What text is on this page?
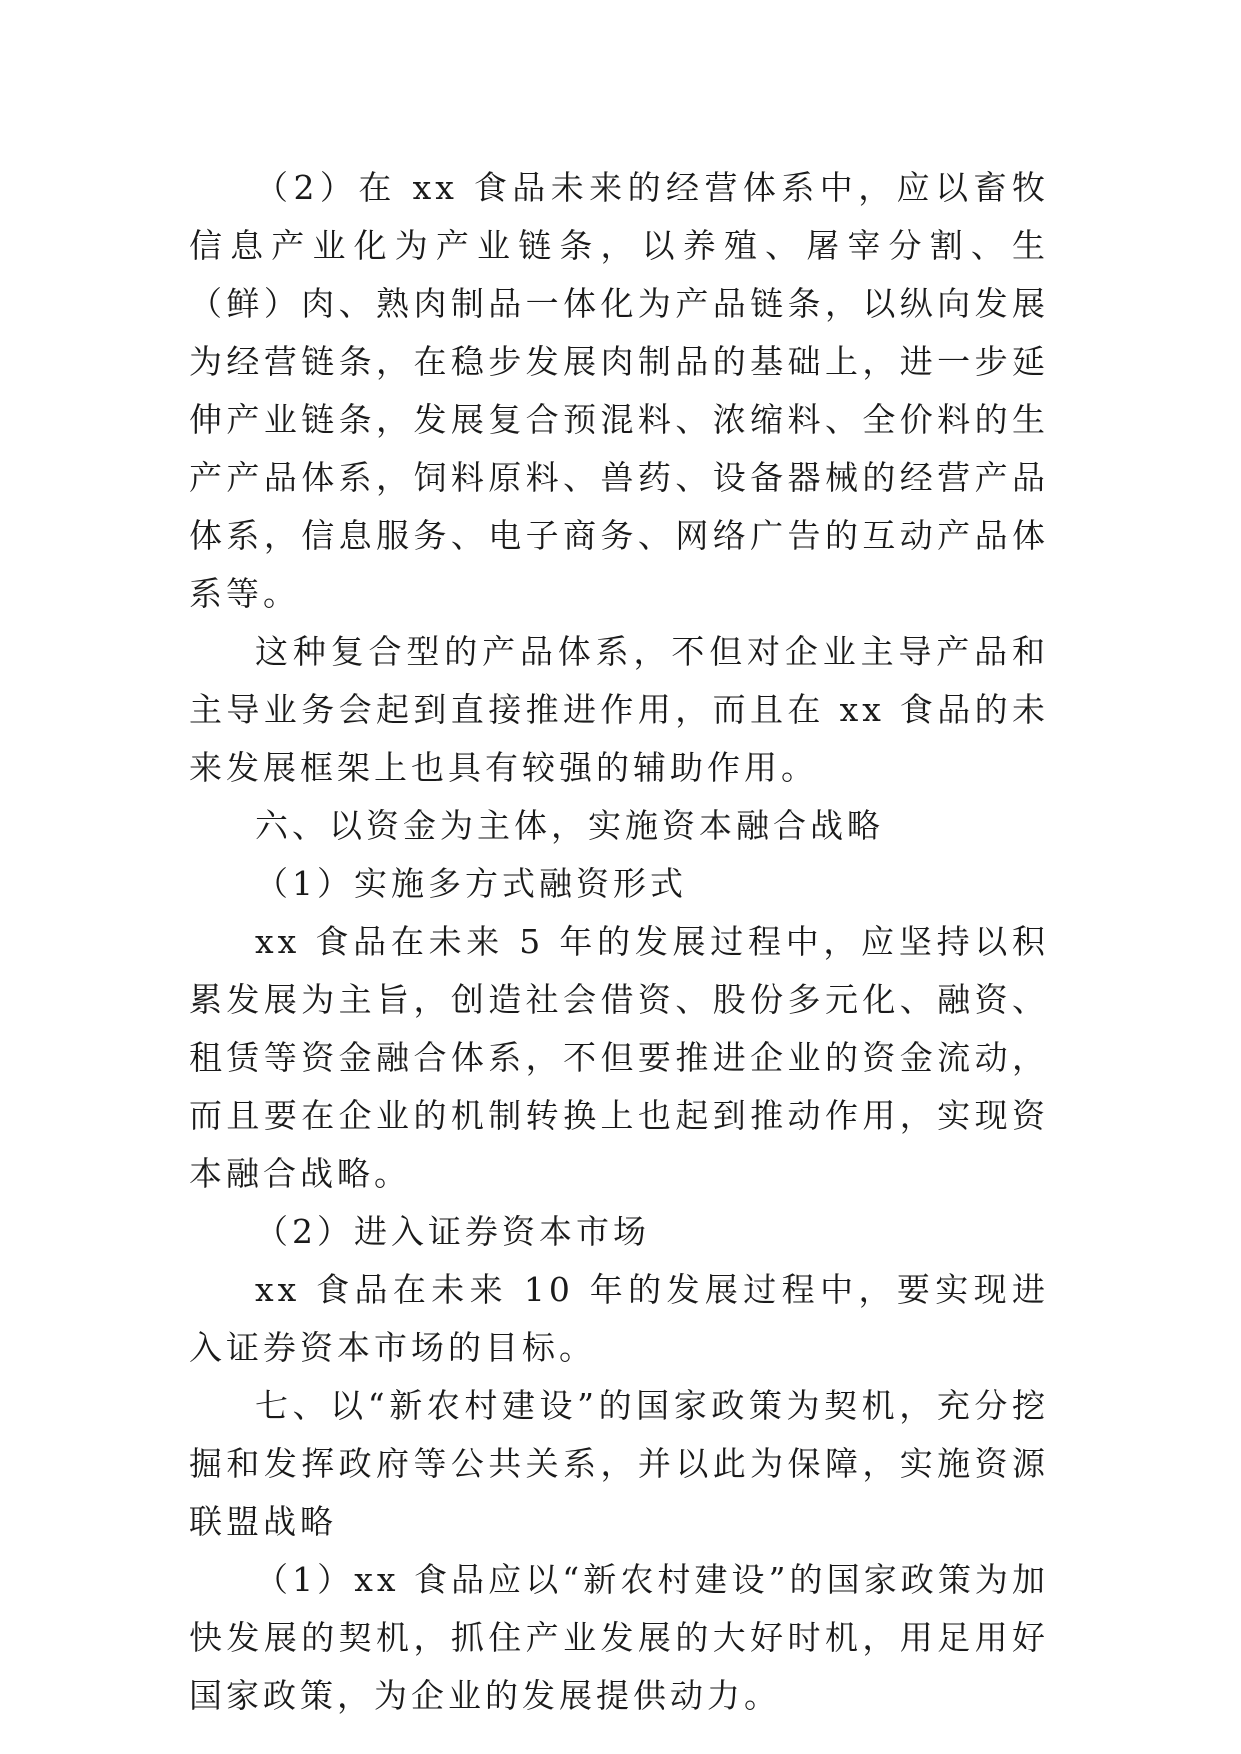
（2）在 xx 食品未来的经营体系中，应以畜牧信息产业化为产业链条，以养殖、屠宰分割、生（鲜）肉、熟肉制品一体化为产品链条，以纵向发展为经营链条，在稳步发展肉制品的基础上，进一步延伸产业链条，发展复合预混料、浓缩料、全价料的生产产品体系，饲料原料、兽药、设备器械的经营产品体系，信息服务、电子商务、网络广告的互动产品体系等。

这种复合型的产品体系，不但对企业主导产品和主导业务会起到直接推进作用，而且在 xx 食品的未来发展框架上也具有较强的辅助作用。

六、以资金为主体，实施资本融合战略

（1）实施多方式融资形式

xx 食品在未来 5 年的发展过程中，应坚持以积累发展为主旨，创造社会借资、股份多元化、融资、租赁等资金融合体系，不但要推进企业的资金流动，而且要在企业的机制转换上也起到推动作用，实现资本融合战略。

（2）进入证券资本市场

xx 食品在未来 10 年的发展过程中，要实现进入证券资本市场的目标。

七、以“新农村建设”的国家政策为契机，充分挖掘和发挥政府等公共关系，并以此为保障，实施资源联盟战略

（1）xx 食品应以“新农村建设”的国家政策为加快发展的契机，抓住产业发展的大好时机，用足用好国家政策，为企业的发展提供动力。
